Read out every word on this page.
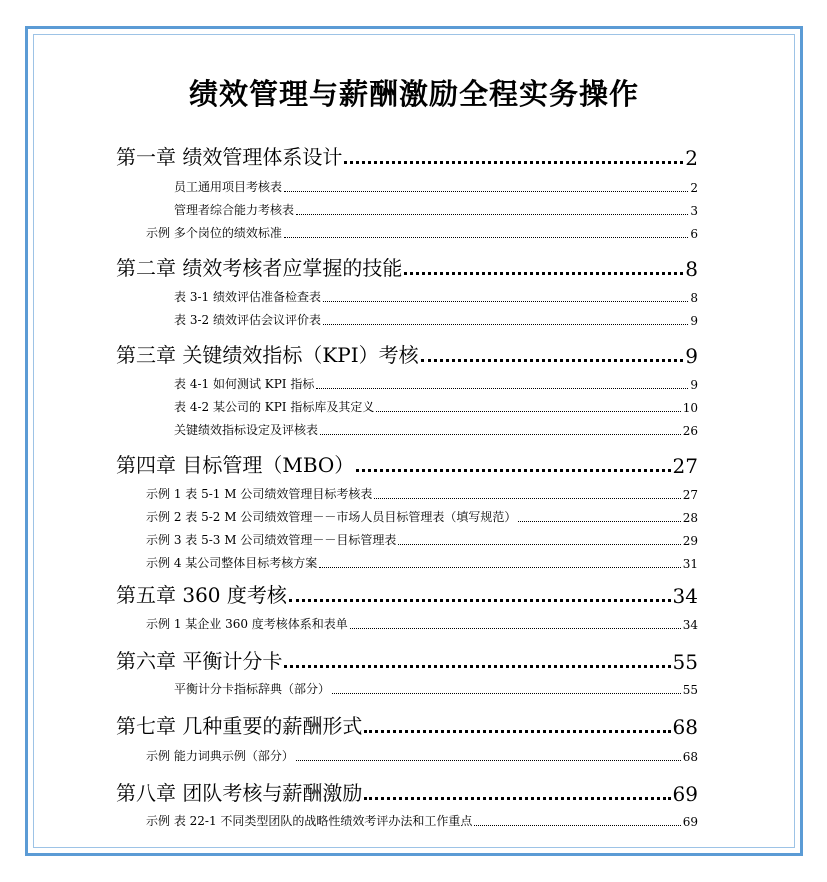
绩效管理与薪酬激励全程实务操作
第一章 绩效管理体系设计	2
员工通用项目考核表	2
管理者综合能力考核表	3
示例 多个岗位的绩效标准	6
第二章 绩效考核者应掌握的技能	8
表 3-1 绩效评估准备检查表	8
表 3-2 绩效评估会议评价表	9
第三章 关键绩效指标（KPI）考核	9
表 4-1 如何测试 KPI 指标	9
表 4-2 某公司的 KPI 指标库及其定义	10
关键绩效指标设定及评核表	26
第四章 目标管理（MBO）	27
示例 1 表 5-1 M 公司绩效管理目标考核表	27
示例 2 表 5-2 M 公司绩效管理－－市场人员目标管理表（填写规范）	28
示例 3 表 5-3 M 公司绩效管理－－目标管理表	29
示例 4 某公司整体目标考核方案	31
第五章 360 度考核	34
示例 1 某企业 360 度考核体系和表单	34
第六章 平衡计分卡	55
平衡计分卡指标辞典（部分）	55
第七章 几种重要的薪酬形式	68
示例 能力词典示例（部分）	68
第八章 团队考核与薪酬激励	69
示例 表 22-1 不同类型团队的战略性绩效考评办法和工作重点	69
